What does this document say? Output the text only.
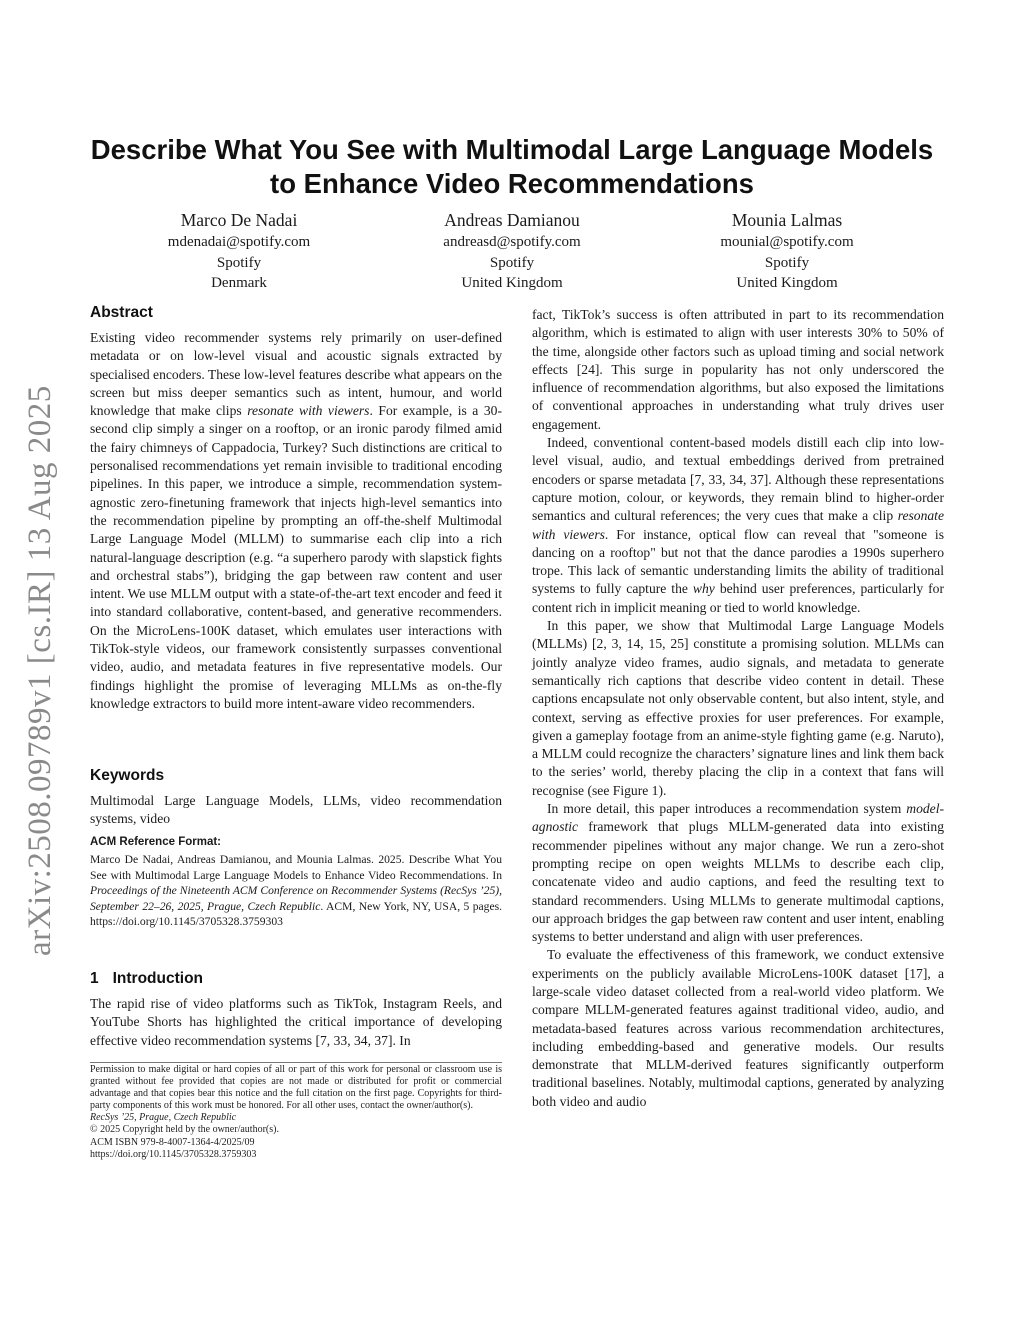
arXiv:2508.09789v1 [cs.IR] 13 Aug 2025
Describe What You See with Multimodal Large Language Models
to Enhance Video Recommendations
Marco De Nadai
mdenadai@spotify.com
Spotify
Denmark
Andreas Damianou
andreasd@spotify.com
Spotify
United Kingdom
Mounia Lalmas
mounial@spotify.com
Spotify
United Kingdom
Abstract

Existing video recommender systems rely primarily on user-defined metadata or on low-level visual and acoustic signals extracted by specialised encoders. These low-level features describe what appears on the screen but miss deeper semantics such as intent, humour, and world knowledge that make clips resonate with viewers. For example, is a 30-second clip simply a singer on a rooftop, or an ironic parody filmed amid the fairy chimneys of Cappadocia, Turkey? Such distinctions are critical to personalised recommendations yet remain invisible to traditional encoding pipelines. In this paper, we introduce a simple, recommendation system-agnostic zero-finetuning framework that injects high-level semantics into the recommendation pipeline by prompting an off-the-shelf Multimodal Large Language Model (MLLM) to summarise each clip into a rich natural-language description (e.g. “a superhero parody with slapstick fights and orchestral stabs”), bridging the gap between raw content and user intent. We use MLLM output with a state-of-the-art text encoder and feed it into standard collaborative, content-based, and generative recommenders. On the MicroLens-100K dataset, which emulates user interactions with TikTok-style videos, our framework consistently surpasses conventional video, audio, and metadata features in five representative models. Our findings highlight the promise of leveraging MLLMs as on-the-fly knowledge extractors to build more intent-aware video recommenders.

Keywords

Multimodal Large Language Models, LLMs, video recommendation systems, video

ACM Reference Format:
Marco De Nadai, Andreas Damianou, and Mounia Lalmas. 2025. Describe What You See with Multimodal Large Language Models to Enhance Video Recommendations. In Proceedings of the Nineteenth ACM Conference on Recommender Systems (RecSys ’25), September 22–26, 2025, Prague, Czech Republic. ACM, New York, NY, USA, 5 pages. https://doi.org/10.1145/3705328.3759303
1 Introduction

The rapid rise of video platforms such as TikTok, Instagram Reels, and YouTube Shorts has highlighted the critical importance of developing effective video recommendation systems [7, 33, 34, 37]. In

Permission to make digital or hard copies of all or part of this work for personal or classroom use is granted without fee provided that copies are not made or distributed for profit or commercial advantage and that copies bear this notice and the full citation on the first page. Copyrights for third-party components of this work must be honored. For all other uses, contact the owner/author(s).
RecSys ’25, Prague, Czech Republic
© 2025 Copyright held by the owner/author(s).
ACM ISBN 979-8-4007-1364-4/2025/09
https://doi.org/10.1145/3705328.3759303

fact, TikTok’s success is often attributed in part to its recommendation algorithm, which is estimated to align with user interests 30% to 50% of the time, alongside other factors such as upload timing and social network effects [24]. This surge in popularity has not only underscored the influence of recommendation algorithms, but also exposed the limitations of conventional approaches in understanding what truly drives user engagement.

Indeed, conventional content-based models distill each clip into low-level visual, audio, and textual embeddings derived from pretrained encoders or sparse metadata [7, 33, 34, 37]. Although these representations capture motion, colour, or keywords, they remain blind to higher-order semantics and cultural references; the very cues that make a clip resonate with viewers. For instance, optical flow can reveal that "someone is dancing on a rooftop" but not that the dance parodies a 1990s superhero trope. This lack of semantic understanding limits the ability of traditional systems to fully capture the why behind user preferences, particularly for content rich in implicit meaning or tied to world knowledge.

In this paper, we show that Multimodal Large Language Models (MLLMs) [2, 3, 14, 15, 25] constitute a promising solution. MLLMs can jointly analyze video frames, audio signals, and metadata to generate semantically rich captions that describe video content in detail. These captions encapsulate not only observable content, but also intent, style, and context, serving as effective proxies for user preferences. For example, given a gameplay footage from an anime-style fighting game (e.g. Naruto), a MLLM could recognize the characters’ signature lines and link them back to the series’ world, thereby placing the clip in a context that fans will recognise (see Figure 1).

In more detail, this paper introduces a recommendation system model-agnostic framework that plugs MLLM-generated data into existing recommender pipelines without any major change. We run a zero-shot prompting recipe on open weights MLLMs to describe each clip, concatenate video and audio captions, and feed the resulting text to standard recommenders. Using MLLMs to generate multimodal captions, our approach bridges the gap between raw content and user intent, enabling systems to better understand and align with user preferences.

To evaluate the effectiveness of this framework, we conduct extensive experiments on the publicly available MicroLens-100K dataset [17], a large-scale video dataset collected from a real-world video platform. We compare MLLM-generated features against traditional video, audio, and metadata-based features across various recommendation architectures, including embedding-based and generative models. Our results demonstrate that MLLM-derived features significantly outperform traditional baselines. Notably, multimodal captions, generated by analyzing both video and audio
